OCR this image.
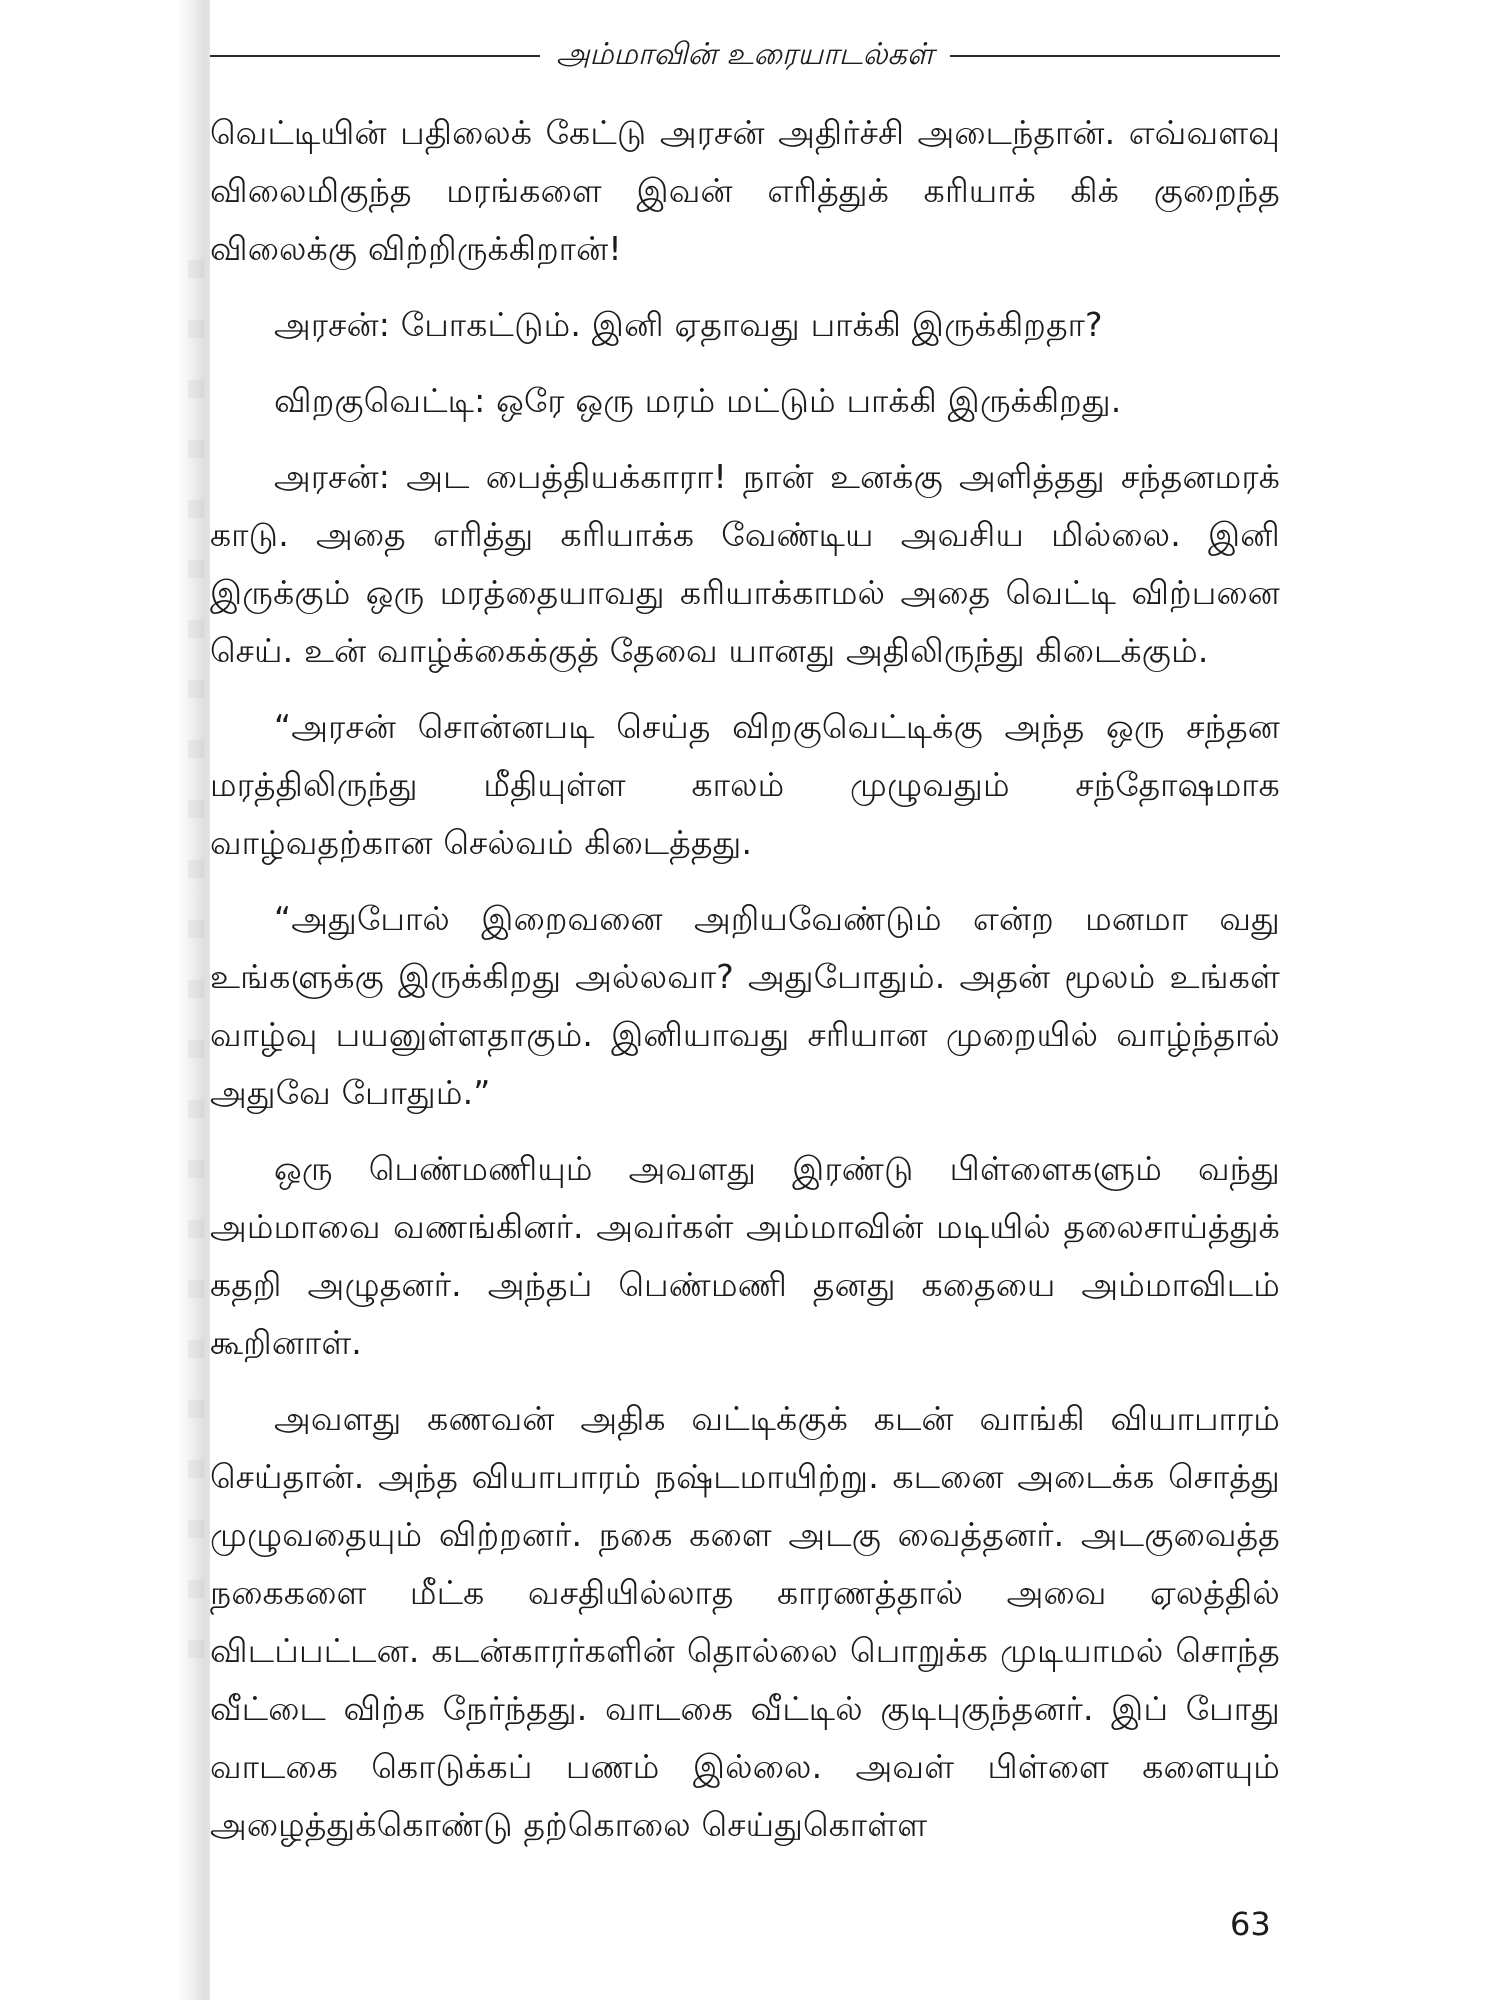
அம்மாவின் உரையாடல்கள்

வெட்டியின் பதிலைக் கேட்டு அரசன் அதிர்ச்சி அடைந்தான். எவ்வளவு விலைமிகுந்த மரங்களை இவன் எரித்துக் கரியாக் கிக் குறைந்த விலைக்கு விற்றிருக்கிறான்!

அரசன்: போகட்டும். இனி ஏதாவது பாக்கி இருக்கிறதா?

விறகுவெட்டி: ஒரே ஒரு மரம் மட்டும் பாக்கி இருக்கிறது.

அரசன்: அட பைத்தியக்காரா! நான் உனக்கு அளித்தது சந்தனமரக் காடு. அதை எரித்து கரியாக்க வேண்டிய அவசிய மில்லை. இனி இருக்கும் ஒரு மரத்தையாவது கரியாக்காமல் அதை வெட்டி விற்பனை செய். உன் வாழ்க்கைக்குத் தேவை யானது அதிலிருந்து கிடைக்கும்.

“அரசன் சொன்னபடி செய்த விறகுவெட்டிக்கு அந்த ஒரு சந்தன மரத்திலிருந்து மீதியுள்ள காலம் முழுவதும் சந்தோஷமாக வாழ்வதற்கான செல்வம் கிடைத்தது.

“அதுபோல் இறைவனை அறியவேண்டும் என்ற மனமா வது உங்களுக்கு இருக்கிறது அல்லவா? அதுபோதும். அதன் மூலம் உங்கள் வாழ்வு பயனுள்ளதாகும். இனியாவது சரியான முறையில் வாழ்ந்தால் அதுவே போதும்.”

ஒரு பெண்மணியும் அவளது இரண்டு பிள்ளைகளும் வந்து அம்மாவை வணங்கினர். அவர்கள் அம்மாவின் மடியில் தலைசாய்த்துக் கதறி அழுதனர். அந்தப் பெண்மணி தனது கதையை அம்மாவிடம் கூறினாள்.

அவளது கணவன் அதிக வட்டிக்குக் கடன் வாங்கி வியாபாரம் செய்தான். அந்த வியாபாரம் நஷ்டமாயிற்று. கடனை அடைக்க சொத்து முழுவதையும் விற்றனர். நகை களை அடகு வைத்தனர். அடகுவைத்த நகைகளை மீட்க வசதியில்லாத காரணத்தால் அவை ஏலத்தில் விடப்பட்டன. கடன்காரர்களின் தொல்லை பொறுக்க முடியாமல் சொந்த வீட்டை விற்க நேர்ந்தது. வாடகை வீட்டில் குடிபுகுந்தனர். இப் போது வாடகை கொடுக்கப் பணம் இல்லை. அவள் பிள்ளை களையும் அழைத்துக்கொண்டு தற்கொலை செய்துகொள்ள

63
